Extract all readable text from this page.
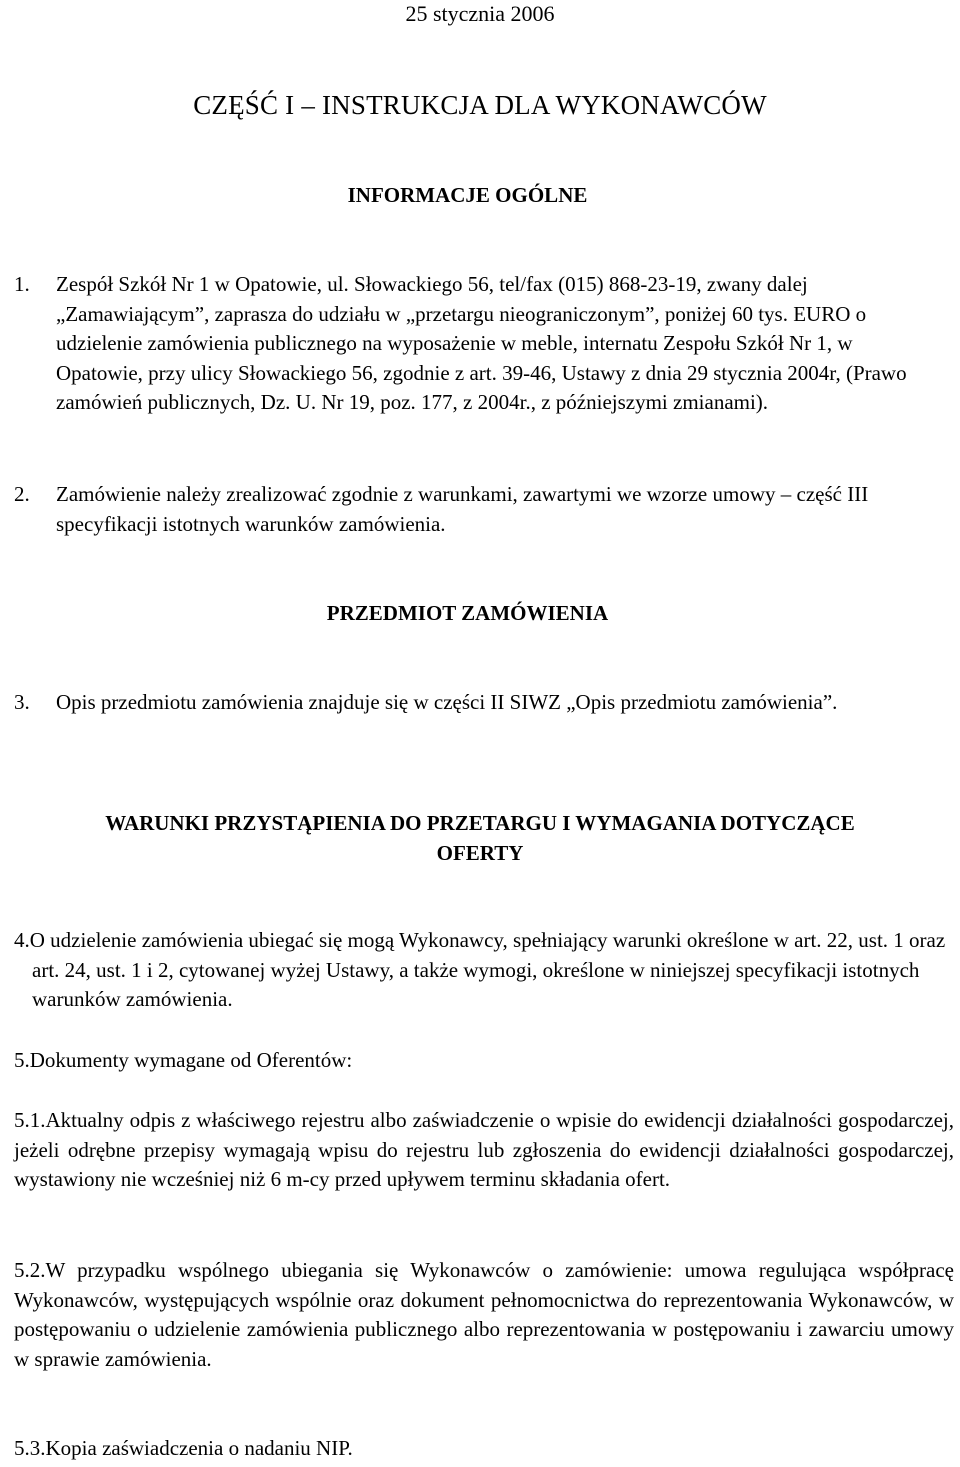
25 stycznia 2006
CZĘŚĆ I – INSTRUKCJA DLA WYKONAWCÓW
INFORMACJE OGÓLNE
1. Zespół Szkół Nr 1 w Opatowie, ul. Słowackiego 56, tel/fax (015) 868-23-19, zwany dalej „Zamawiającym”, zaprasza do udziału w „przetargu nieograniczonym”, poniżej 60 tys. EURO o udzielenie zamówienia publicznego na wyposażenie w meble, internatu Zespołu Szkół Nr 1, w Opatowie, przy ulicy Słowackiego 56, zgodnie z art. 39-46, Ustawy z dnia 29 stycznia 2004r, (Prawo zamówień publicznych, Dz. U. Nr 19, poz. 177, z 2004r., z późniejszymi zmianami).
2. Zamówienie należy zrealizować zgodnie z warunkami, zawartymi we wzorze umowy – część III specyfikacji istotnych warunków zamówienia.
PRZEDMIOT ZAMÓWIENIA
3. Opis przedmiotu zamówienia znajduje się w części II SIWZ „Opis przedmiotu zamówienia”.
WARUNKI PRZYSTĄPIENIA DO PRZETARGU I WYMAGANIA DOTYCZĄCE
OFERTY
4.O udzielenie zamówienia ubiegać się mogą Wykonawcy, spełniający warunki określone w art. 22, ust. 1 oraz art. 24, ust. 1 i 2, cytowanej wyżej Ustawy, a także wymogi, określone w niniejszej specyfikacji istotnych warunków zamówienia.
5.Dokumenty wymagane od Oferentów:
5.1.Aktualny odpis z właściwego rejestru albo zaświadczenie o wpisie do ewidencji działalności gospodarczej, jeżeli odrębne przepisy wymagają wpisu do rejestru lub zgłoszenia do ewidencji działalności gospodarczej, wystawiony nie wcześniej niż 6 m-cy przed upływem terminu składania ofert.
5.2.W przypadku wspólnego ubiegania się Wykonawców o zamówienie: umowa regulująca współpracę Wykonawców, występujących wspólnie oraz dokument pełnomocnictwa do reprezentowania Wykonawców, w postępowaniu o udzielenie zamówienia publicznego albo reprezentowania w postępowaniu i zawarciu umowy w sprawie zamówienia.
5.3.Kopia zaświadczenia o nadaniu NIP.
